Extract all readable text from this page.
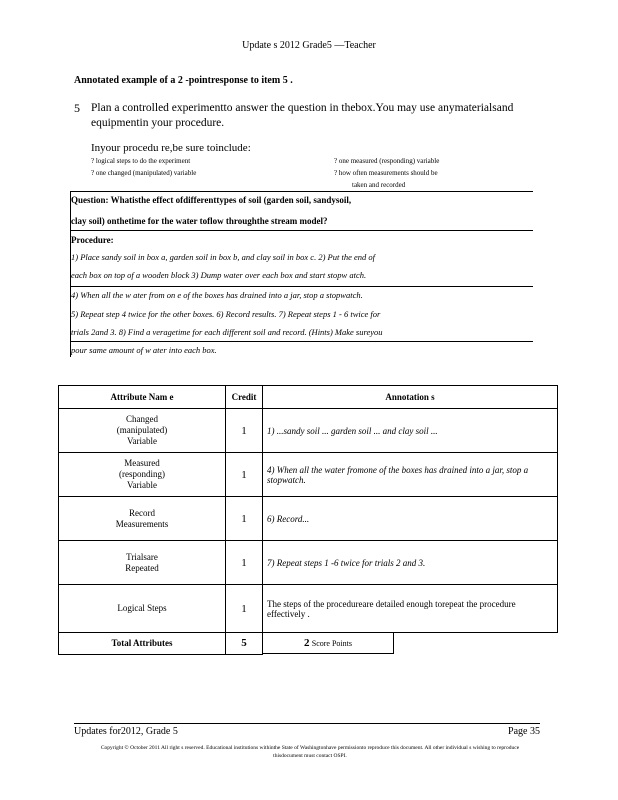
Update s 2012 Grade5 —Teacher
Annotated example of a 2 -pointresponse to item 5 .
5 Plan a controlled experimentto answer the question in thebox.You may use anymaterialsand equipmentin your procedure.
Inyour procedu re,be sure toinclude:
? logical steps to do the experiment
? one changed (manipulated) variable
? one measured (responding) variable
? how often measurements should be
taken and recorded
Question: Whatisthe effect ofdifferenttypes of soil (garden soil, sandysoil,
clay soil) onthetime for the water toflow throughthe stream model?
Procedure:
1) Place sandy soil in box a, garden soil in box b, and clay soil in box c. 2) Put the end of
each box on top of a wooden block 3) Dump water over each box and start stopw atch.
4) When all the w ater from on e of the boxes has drained into a jar, stop a stopwatch.
5) Repeat step 4 twice for the other boxes. 6) Record results. 7) Repeat steps 1 - 6 twice for
trials 2and 3. 8) Find a veragetime for each different soil and record. (Hints) Make sureyou
pour same amount of w ater into each box.
Attribute Nam e	Credit	Annotation s

Changed
(manipulated)
Variable	1	1) ...sandy soil ... garden soil ... and clay soil ...

Measured
(responding)
Variable	1	4) When all the water fromone of the boxes has drained into a jar, stop a stopwatch.

Record
Measurements	1	6) Record...

Trialsare
Repeated	1	7) Repeat steps 1 -6 twice for trials 2 and 3.
Logical Steps	1	The steps of the procedureare detailed enough torepeat the procedure effectively .
Total Attributes	5	2 Score Points
Updates for2012, Grade 5	Page 35
Copyright © October 2011 All right s reserved. Educational institutions withinthe State of Washingtonhave permissionto reproduce this document. All other individual s wishing to reproduce thisdocument must contact OSPI.
